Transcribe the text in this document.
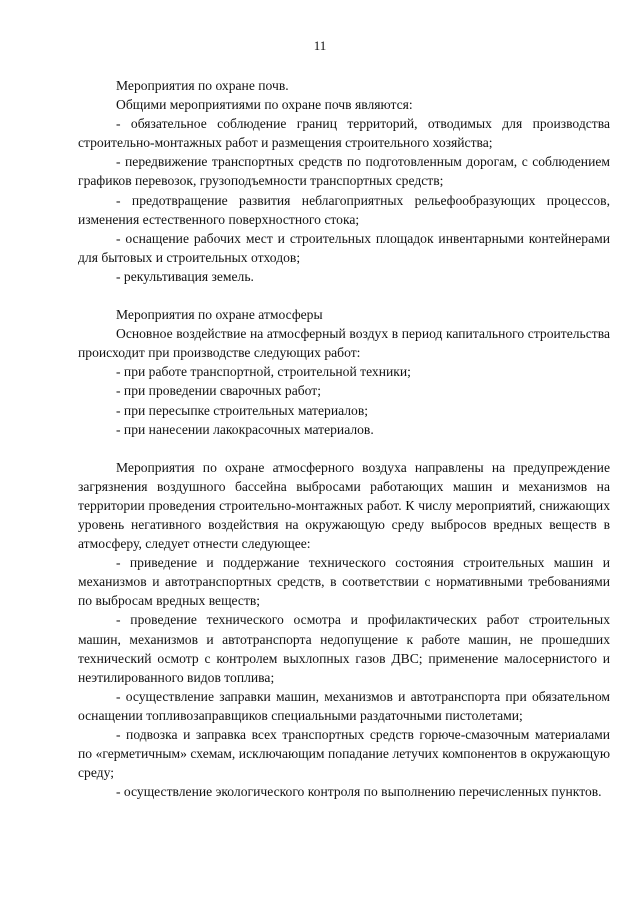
11

Мероприятия по охране почв.

Общими мероприятиями по охране почв являются:

- обязательное соблюдение границ территорий, отводимых для производства строительно-монтажных работ и размещения строительного хозяйства;

- передвижение транспортных средств по подготовленным дорогам, с соблюдением графиков перевозок, грузоподъемности транспортных средств;

- предотвращение развития неблагоприятных рельефообразующих процессов, изменения естественного поверхностного стока;

- оснащение рабочих мест и строительных площадок инвентарными контейнерами для бытовых и строительных отходов;

- рекультивация земель.

Мероприятия по охране атмосферы

Основное воздействие на атмосферный воздух в период капитального строительства происходит при производстве следующих работ:

- при работе транспортной, строительной техники;

- при проведении сварочных работ;

- при пересыпке строительных материалов;

- при нанесении лакокрасочных материалов.

Мероприятия по охране атмосферного воздуха направлены на предупреждение загрязнения воздушного бассейна выбросами работающих машин и механизмов на территории проведения строительно-монтажных работ. К числу мероприятий, снижающих уровень негативного воздействия на окружающую среду выбросов вредных веществ в атмосферу, следует отнести следующее:

- приведение и поддержание технического состояния строительных машин и механизмов и автотранспортных средств, в соответствии с нормативными требованиями по выбросам вредных веществ;

- проведение технического осмотра и профилактических работ строительных машин, механизмов и автотранспорта недопущение к работе машин, не прошедших технический осмотр с контролем выхлопных газов ДВС; применение малосернистого и неэтилированного видов топлива;

- осуществление заправки машин, механизмов и автотранспорта при обязательном оснащении топливозаправщиков специальными раздаточными пистолетами;

- подвозка и заправка всех транспортных средств горюче-смазочным материалами по «герметичным» схемам, исключающим попадание летучих компонентов в окружающую среду;

- осуществление экологического контроля по выполнению перечисленных пунктов.
